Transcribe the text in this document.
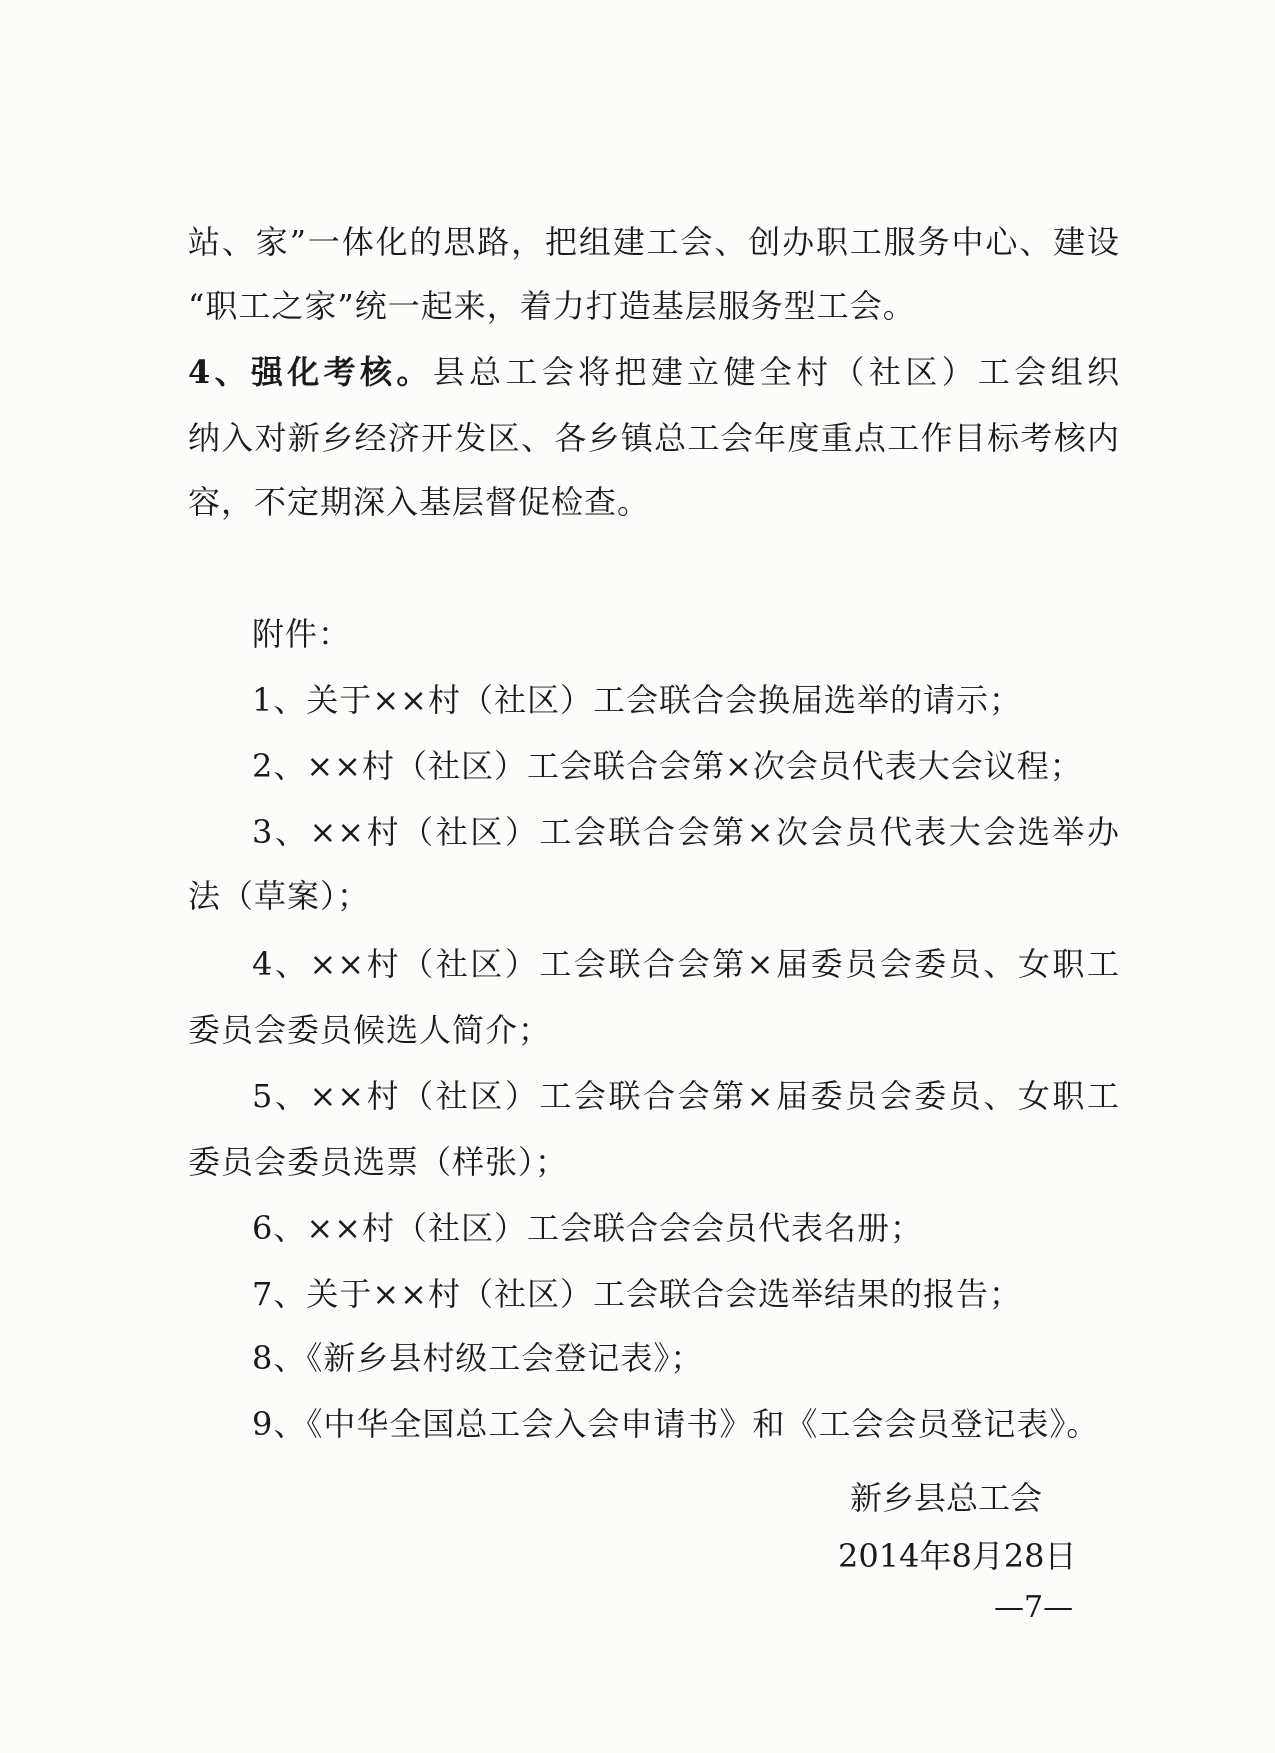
站、家”一体化的思路，把组建工会、创办职工服务中心、建设
“职工之家”统一起来，着力打造基层服务型工会。
4、强化考核。县总工会将把建立健全村（社区）工会组织
纳入对新乡经济开发区、各乡镇总工会年度重点工作目标考核内
容，不定期深入基层督促检查。
附件：
1、关于××村（社区）工会联合会换届选举的请示；
2、××村（社区）工会联合会第×次会员代表大会议程；
3、××村（社区）工会联合会第×次会员代表大会选举办
法（草案）；
4、××村（社区）工会联合会第×届委员会委员、女职工
委员会委员候选人简介；
5、××村（社区）工会联合会第×届委员会委员、女职工
委员会委员选票（样张）；
6、××村（社区）工会联合会会员代表名册；
7、关于××村（社区）工会联合会选举结果的报告；
8、《新乡县村级工会登记表》；
9、《中华全国总工会入会申请书》和《工会会员登记表》。
新乡县总工会
2014年8月28日
—7—
